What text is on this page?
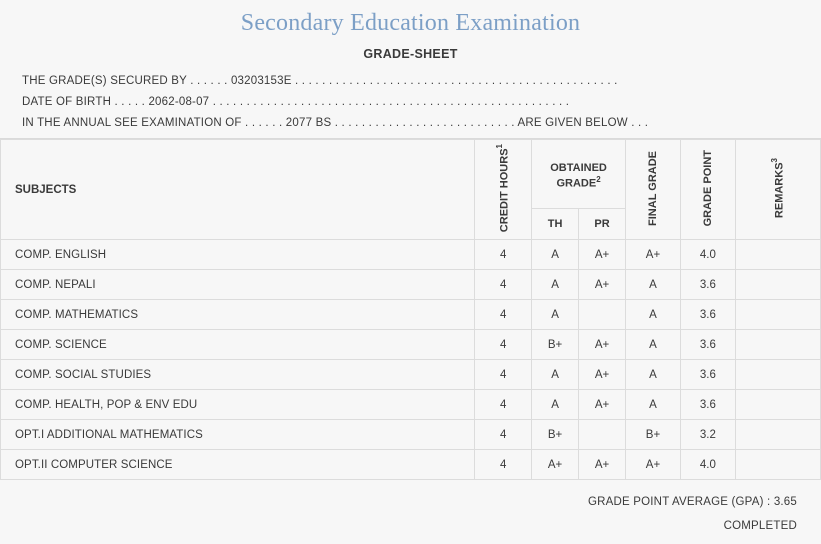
Secondary Education Examination
GRADE-SHEET
THE GRADE(S) SECURED BY . . . . . . 03203153E . . . . . . . . . . . . . . . . . . . . . . . . . . . . . . . . . . . . . . . . . . . . . . . .
DATE OF BIRTH . . . . . 2062-08-07 . . . . . . . . . . . . . . . . . . . . . . . . . . . . . . . . . . . . . . . . . . . . . . . . . . . . .
IN THE ANNUAL SEE EXAMINATION OF . . . . . . 2077 BS . . . . . . . . . . . . . . . . . . . . . . . . . . . ARE GIVEN BELOW . . .
SUBJECTS	CREDIT HOURS$^1$	OBTAINED GRADE$^2$		FINAL GRADE	GRADE POINT	REMARKS$^3$
		TH	PR			
COMP. ENGLISH	4	A	A+	A+	4.0	
COMP. NEPALI	4	A	A+	A	3.6	
COMP. MATHEMATICS	4	A		A	3.6	
COMP. SCIENCE	4	B+	A+	A	3.6	
COMP. SOCIAL STUDIES	4	A	A+	A	3.6	
COMP. HEALTH, POP & ENV EDU	4	A	A+	A	3.6	
OPT.I ADDITIONAL MATHEMATICS	4	B+		B+	3.2	
OPT.II COMPUTER SCIENCE	4	A+	A+	A+	4.0	
GRADE POINT AVERAGE (GPA) : 3.65
COMPLETED
